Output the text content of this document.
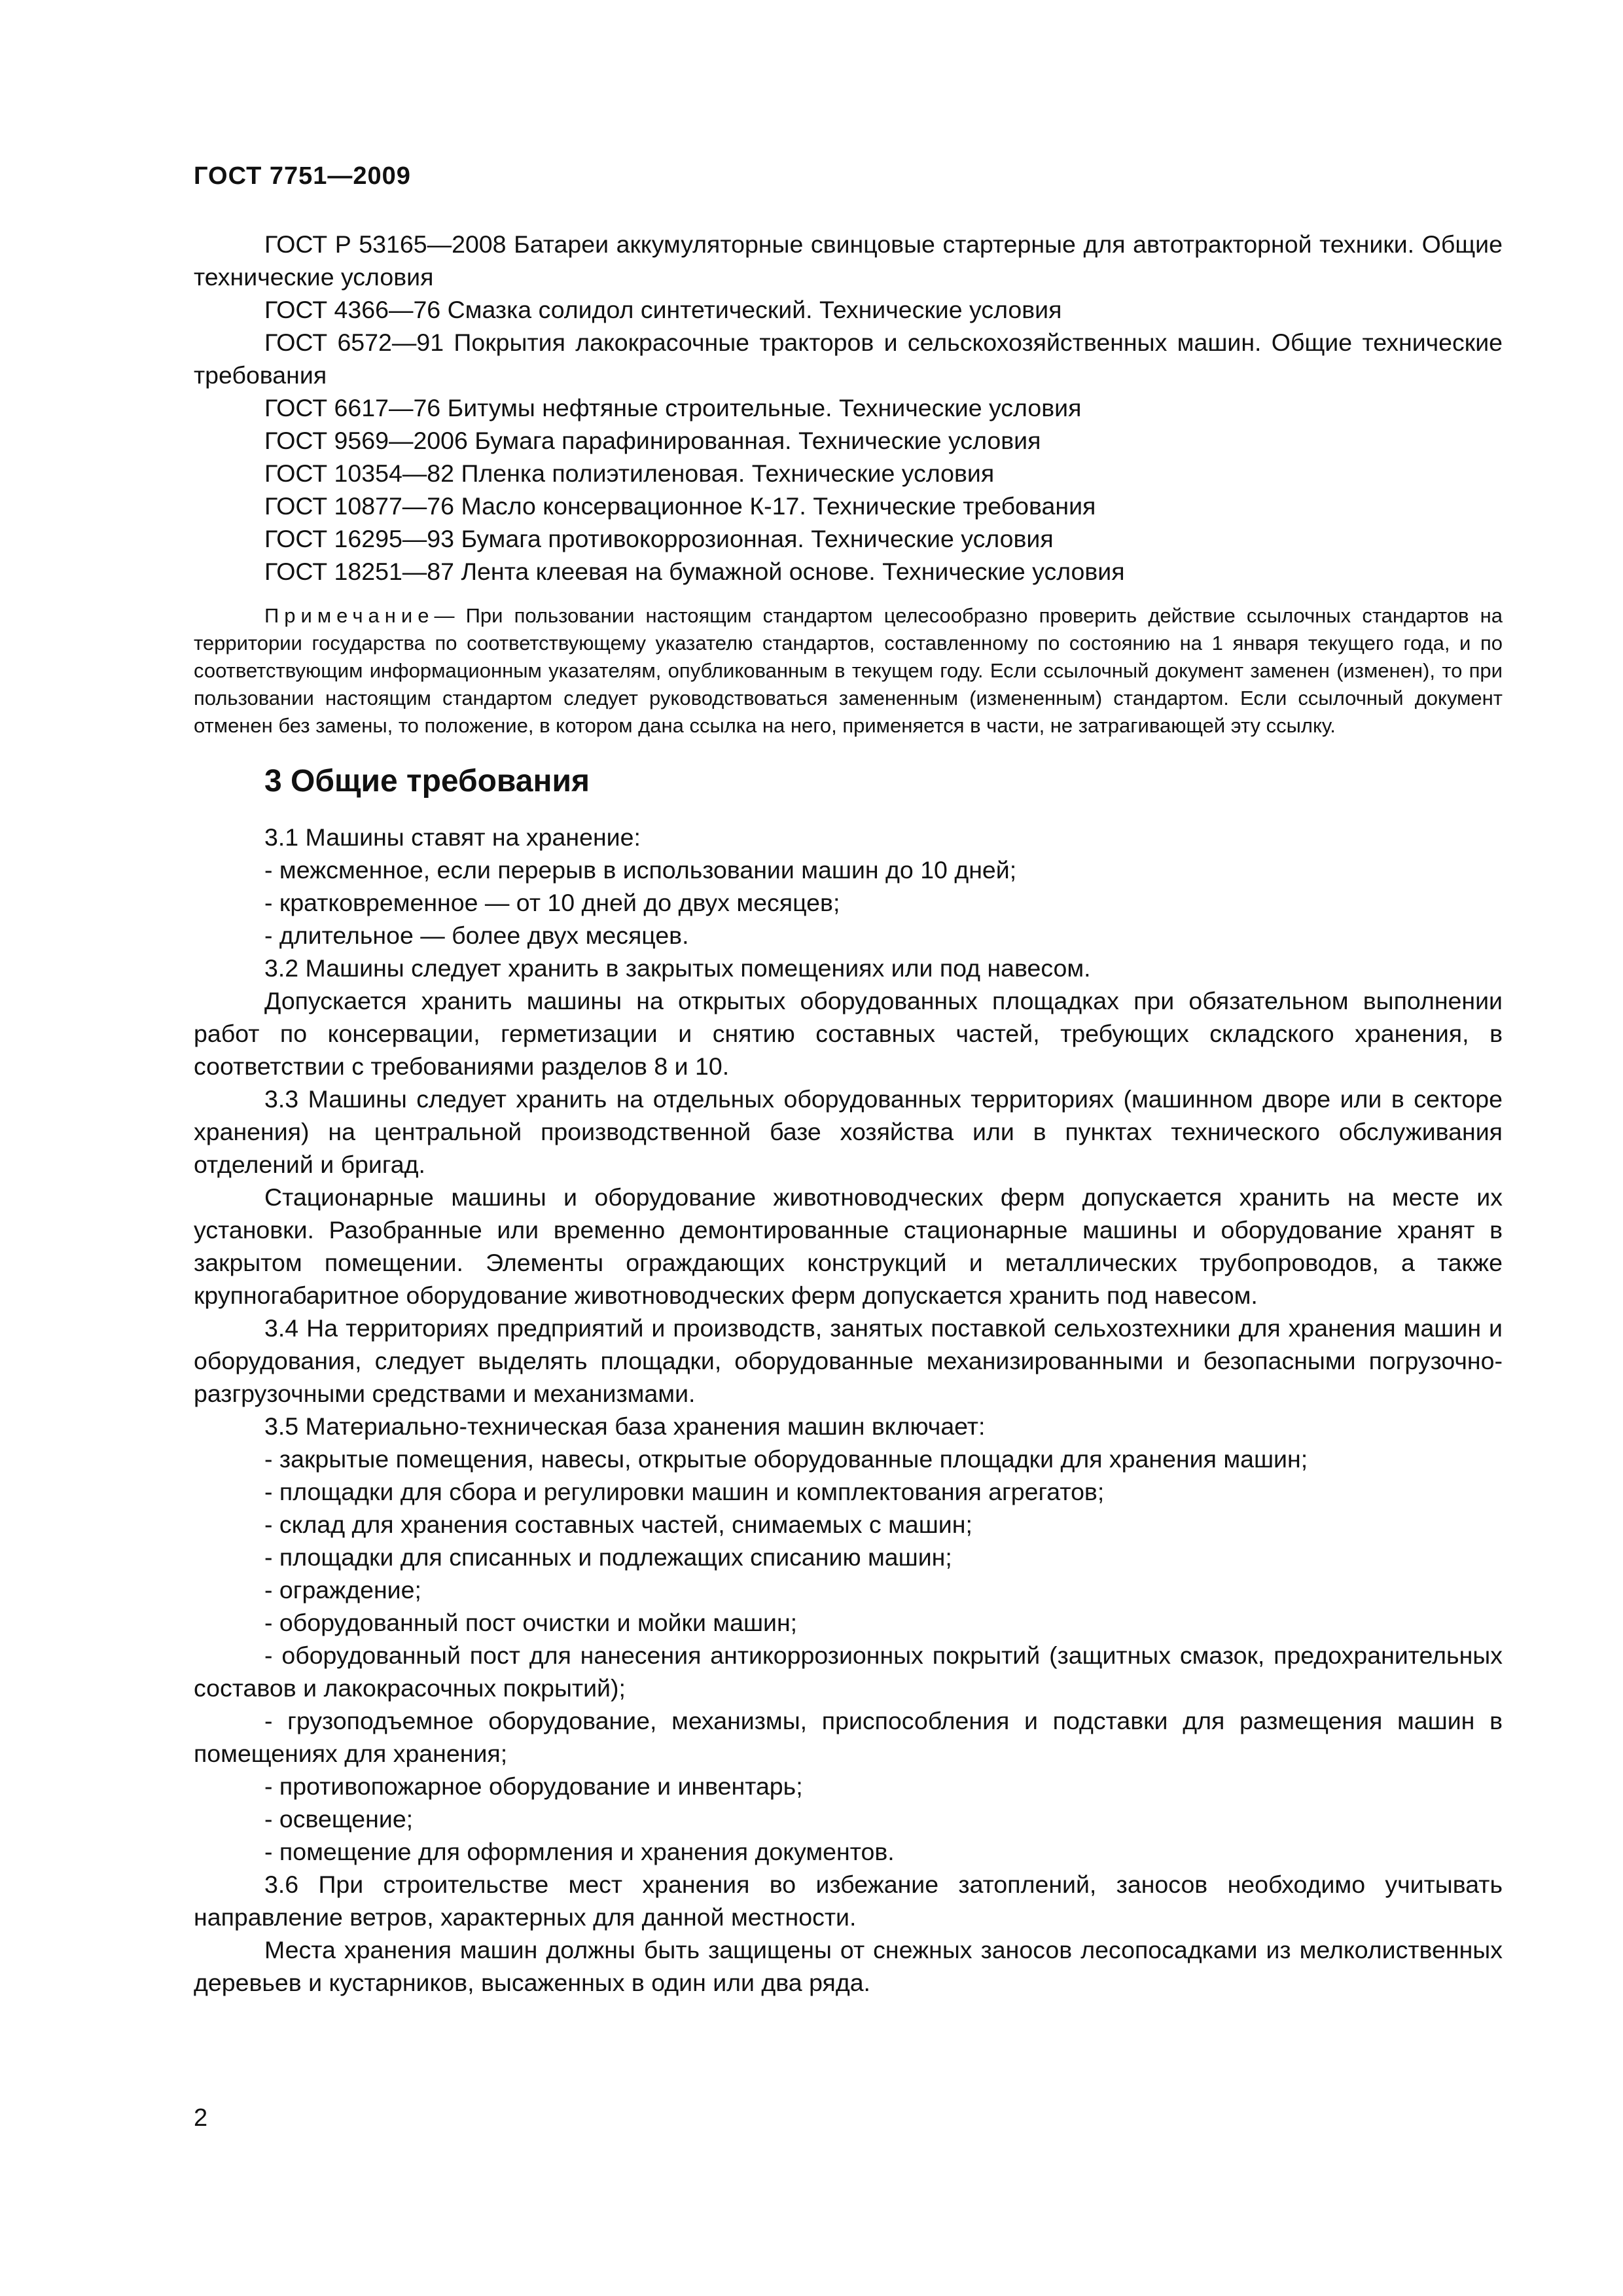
ГОСТ 7751—2009

ГОСТ Р 53165—2008 Батареи аккумуляторные свинцовые стартерные для автотракторной техники. Общие технические условия

ГОСТ 4366—76 Смазка солидол синтетический. Технические условия

ГОСТ 6572—91 Покрытия лакокрасочные тракторов и сельскохозяйственных машин. Общие технические требования

ГОСТ 6617—76 Битумы нефтяные строительные. Технические условия

ГОСТ 9569—2006 Бумага парафинированная. Технические условия

ГОСТ 10354—82 Пленка полиэтиленовая. Технические условия

ГОСТ 10877—76 Масло консервационное К-17. Технические требования

ГОСТ 16295—93 Бумага противокоррозионная. Технические условия

ГОСТ 18251—87 Лента клеевая на бумажной основе. Технические условия

Примечание— При пользовании настоящим стандартом целесообразно проверить действие ссылочных стандартов на территории государства по соответствующему указателю стандартов, составленному по состоянию на 1 января текущего года, и по соответствующим информационным указателям, опубликованным в текущем году. Если ссылочный документ заменен (изменен), то при пользовании настоящим стандартом следует руководствоваться замененным (измененным) стандартом. Если ссылочный документ отменен без замены, то положение, в котором дана ссылка на него, применяется в части, не затрагивающей эту ссылку.

3 Общие требования

3.1 Машины ставят на хранение:

- межсменное, если перерыв в использовании машин до 10 дней;

- кратковременное — от 10 дней до двух месяцев;

- длительное — более двух месяцев.

3.2 Машины следует хранить в закрытых помещениях или под навесом.

Допускается хранить машины на открытых оборудованных площадках при обязательном выполнении работ по консервации, герметизации и снятию составных частей, требующих складского хранения, в соответствии с требованиями разделов 8 и 10.

3.3 Машины следует хранить на отдельных оборудованных территориях (машинном дворе или в секторе хранения) на центральной производственной базе хозяйства или в пунктах технического обслуживания отделений и бригад.

Стационарные машины и оборудование животноводческих ферм допускается хранить на месте их установки. Разобранные или временно демонтированные стационарные машины и оборудование хранят в закрытом помещении. Элементы ограждающих конструкций и металлических трубопроводов, а также крупногабаритное оборудование животноводческих ферм допускается хранить под навесом.

3.4 На территориях предприятий и производств, занятых поставкой сельхозтехники для хранения машин и оборудования, следует выделять площадки, оборудованные механизированными и безопасными погрузочно-разгрузочными средствами и механизмами.

3.5 Материально-техническая база хранения машин включает:

- закрытые помещения, навесы, открытые оборудованные площадки для хранения машин;

- площадки для сбора и регулировки машин и комплектования агрегатов;

- склад для хранения составных частей, снимаемых с машин;

- площадки для списанных и подлежащих списанию машин;

- ограждение;

- оборудованный пост очистки и мойки машин;

- оборудованный пост для нанесения антикоррозионных покрытий (защитных смазок, предохранительных составов и лакокрасочных покрытий);

- грузоподъемное оборудование, механизмы, приспособления и подставки для размещения машин в помещениях для хранения;

- противопожарное оборудование и инвентарь;

- освещение;

- помещение для оформления и хранения документов.

3.6 При строительстве мест хранения во избежание затоплений, заносов необходимо учитывать направление ветров, характерных для данной местности.

Места хранения машин должны быть защищены от снежных заносов лесопосадками из мелколиственных деревьев и кустарников, высаженных в один или два ряда.

2
